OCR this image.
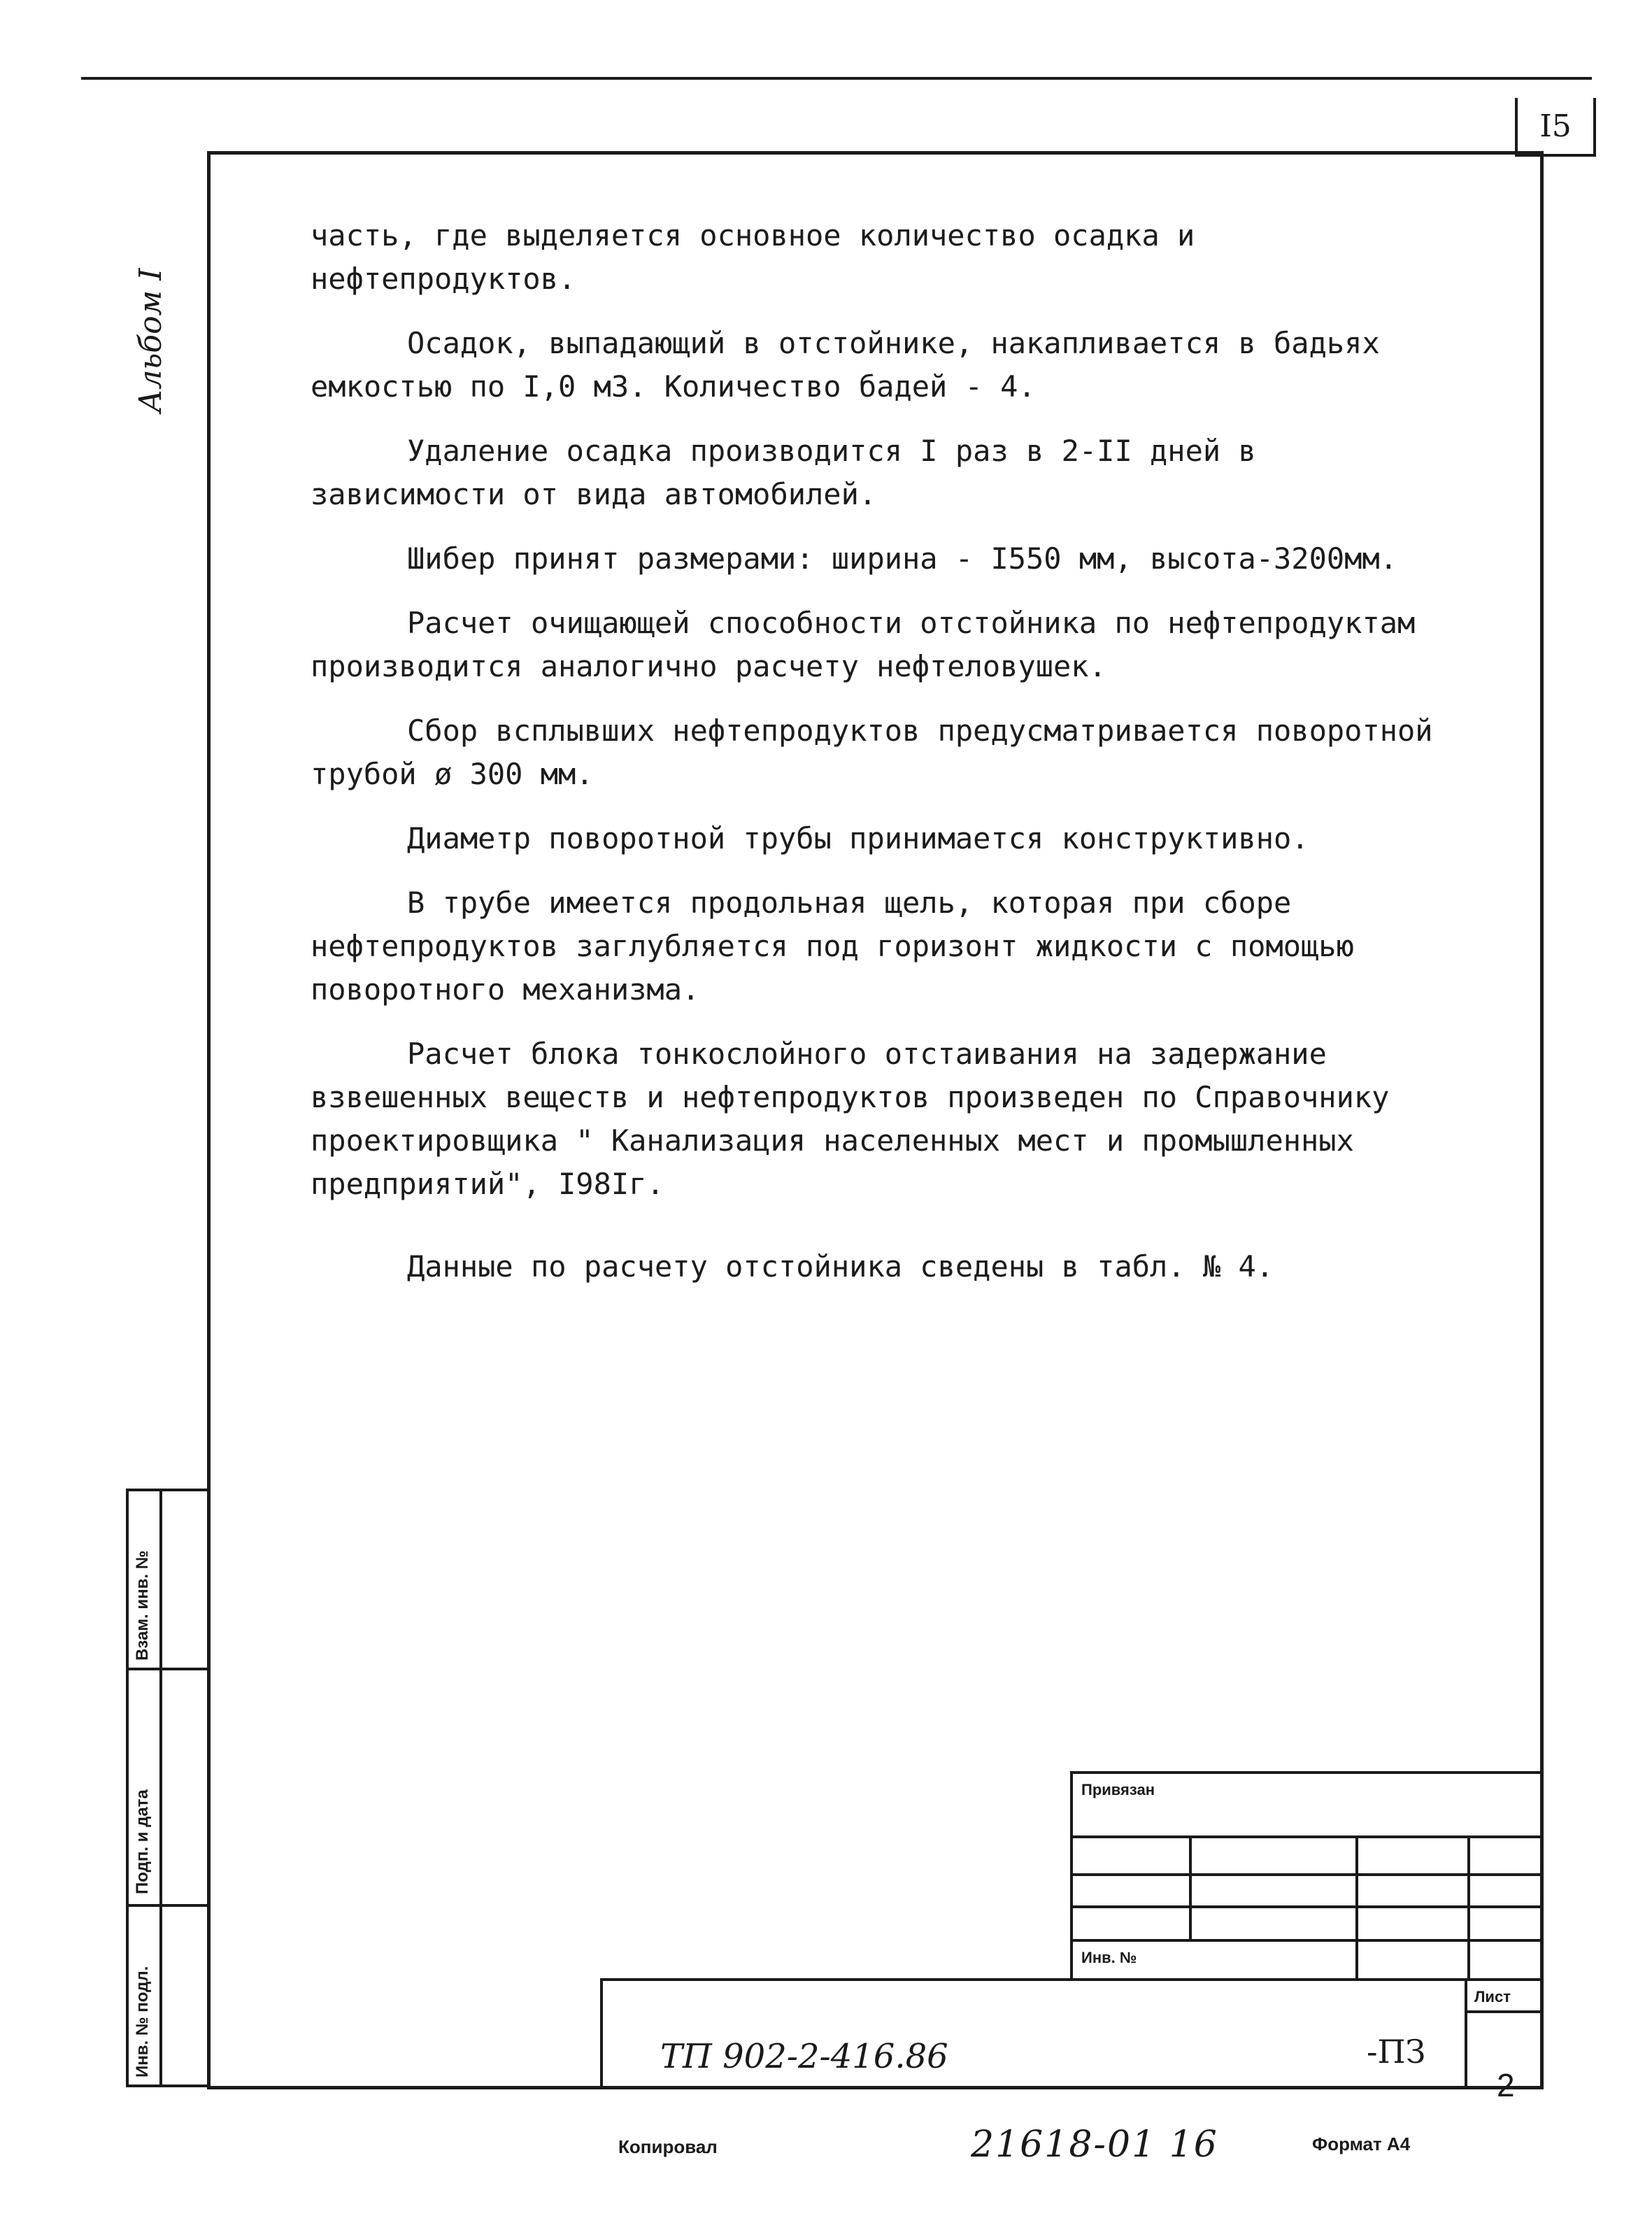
I5
Альбом I

часть, где выделяется основное количество осадка и нефтепродуктов.

Осадок, выпадающий в отстойнике, накапливается в бадьях емкостью по I,0 м3. Количество бадей - 4.

Удаление осадка производится I раз в 2-II дней в зависимости от вида автомобилей.

Шибер принят размерами: ширина - I550 мм, высота-3200мм.

Расчет очищающей способности отстойника по нефтепродуктам производится аналогично расчету нефтеловушек.

Сбор всплывших нефтепродуктов предусматривается поворотной трубой ø 300 мм.

Диаметр поворотной трубы принимается конструктивно.

В трубе имеется продольная щель, которая при сборе нефтепродуктов заглубляется под горизонт жидкости с помощью поворотного механизма.

Расчет блока тонкослойного отстаивания на задержание взвешенных веществ и нефтепродуктов произведен по Справочнику проектировщика " Канализация населенных мест и промышленных предприятий", I98Iг.

Данные по расчету отстойника сведены в табл. № 4.

Взам. инв. №
Подп. и дата
Инв. № подл.
Привязан
Инв. №
Лист
ТП 902-2-416.86	-ПЗ
2
Копировал	21618-01 16	Формат А4
